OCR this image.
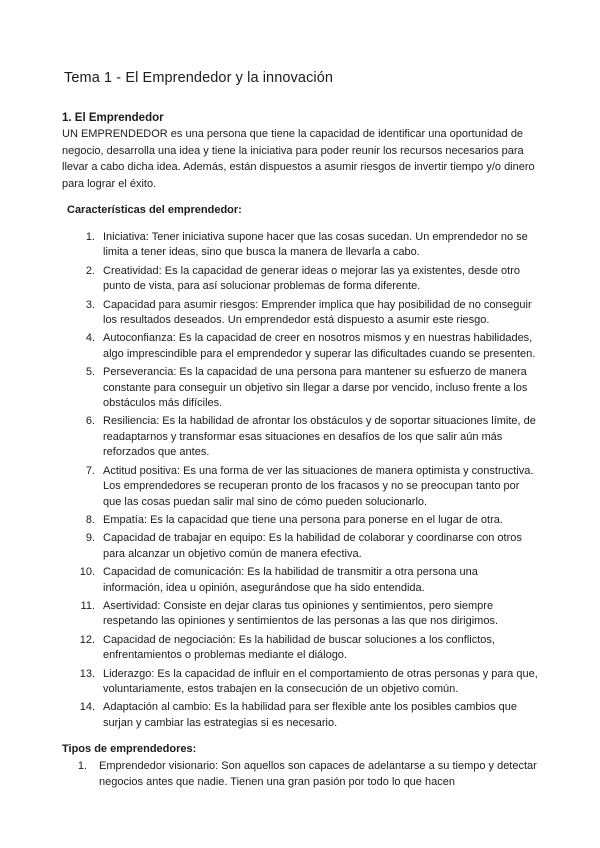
Tema 1 - El Emprendedor y la innovación

1. El Emprendedor

UN EMPRENDEDOR es una persona que tiene la capacidad de identificar una oportunidad de negocio, desarrolla una idea y tiene la iniciativa para poder reunir los recursos necesarios para llevar a cabo dicha idea. Además, están dispuestos a asumir riesgos de invertir tiempo y/o dinero para lograr el éxito.

Características del emprendedor:

1. Iniciativa: Tener iniciativa supone hacer que las cosas sucedan. Un emprendedor no se limita a tener ideas, sino que busca la manera de llevarla a cabo.
2. Creatividad: Es la capacidad de generar ideas o mejorar las ya existentes, desde otro punto de vista, para así solucionar problemas de forma diferente.
3. Capacidad para asumir riesgos: Emprender implica que hay posibilidad de no conseguir los resultados deseados. Un emprendedor está dispuesto a asumir este riesgo.
4. Autoconfianza: Es la capacidad de creer en nosotros mismos y en nuestras habilidades, algo imprescindible para el emprendedor y superar las dificultades cuando se presenten.
5. Perseverancia: Es la capacidad de una persona para mantener su esfuerzo de manera constante para conseguir un objetivo sin llegar a darse por vencido, incluso frente a los obstáculos más difíciles.
6. Resiliencia: Es la habilidad de afrontar los obstáculos y de soportar situaciones límite, de readaptarnos y transformar esas situaciones en desafíos de los que salir aún más reforzados que antes.
7. Actitud positiva: Es una forma de ver las situaciones de manera optimista y constructiva. Los emprendedores se recuperan pronto de los fracasos y no se preocupan tanto por que las cosas puedan salir mal sino de cómo pueden solucionarlo.
8. Empatía: Es la capacidad que tiene una persona para ponerse en el lugar de otra.
9. Capacidad de trabajar en equipo: Es la habilidad de colaborar y coordinarse con otros para alcanzar un objetivo común de manera efectiva.
10. Capacidad de comunicación: Es la habilidad de transmitir a otra persona una información, idea u opinión, asegurándose que ha sido entendida.
11. Asertividad: Consiste en dejar claras tus opiniones y sentimientos, pero siempre respetando las opiniones y sentimientos de las personas a las que nos dirigimos.
12. Capacidad de negociación: Es la habilidad de buscar soluciones a los conflictos, enfrentamientos o problemas mediante el diálogo.
13. Liderazgo: Es la capacidad de influir en el comportamiento de otras personas y para que, voluntariamente, estos trabajen en la consecución de un objetivo común.
14. Adaptación al cambio: Es la habilidad para ser flexible ante los posibles cambios que surjan y cambiar las estrategias si es necesario.

Tipos de emprendedores:

1.	Emprendedor visionario: Son aquellos son capaces de adelantarse a su tiempo y detectar negocios antes que nadie. Tienen una gran pasión por todo lo que hacen
